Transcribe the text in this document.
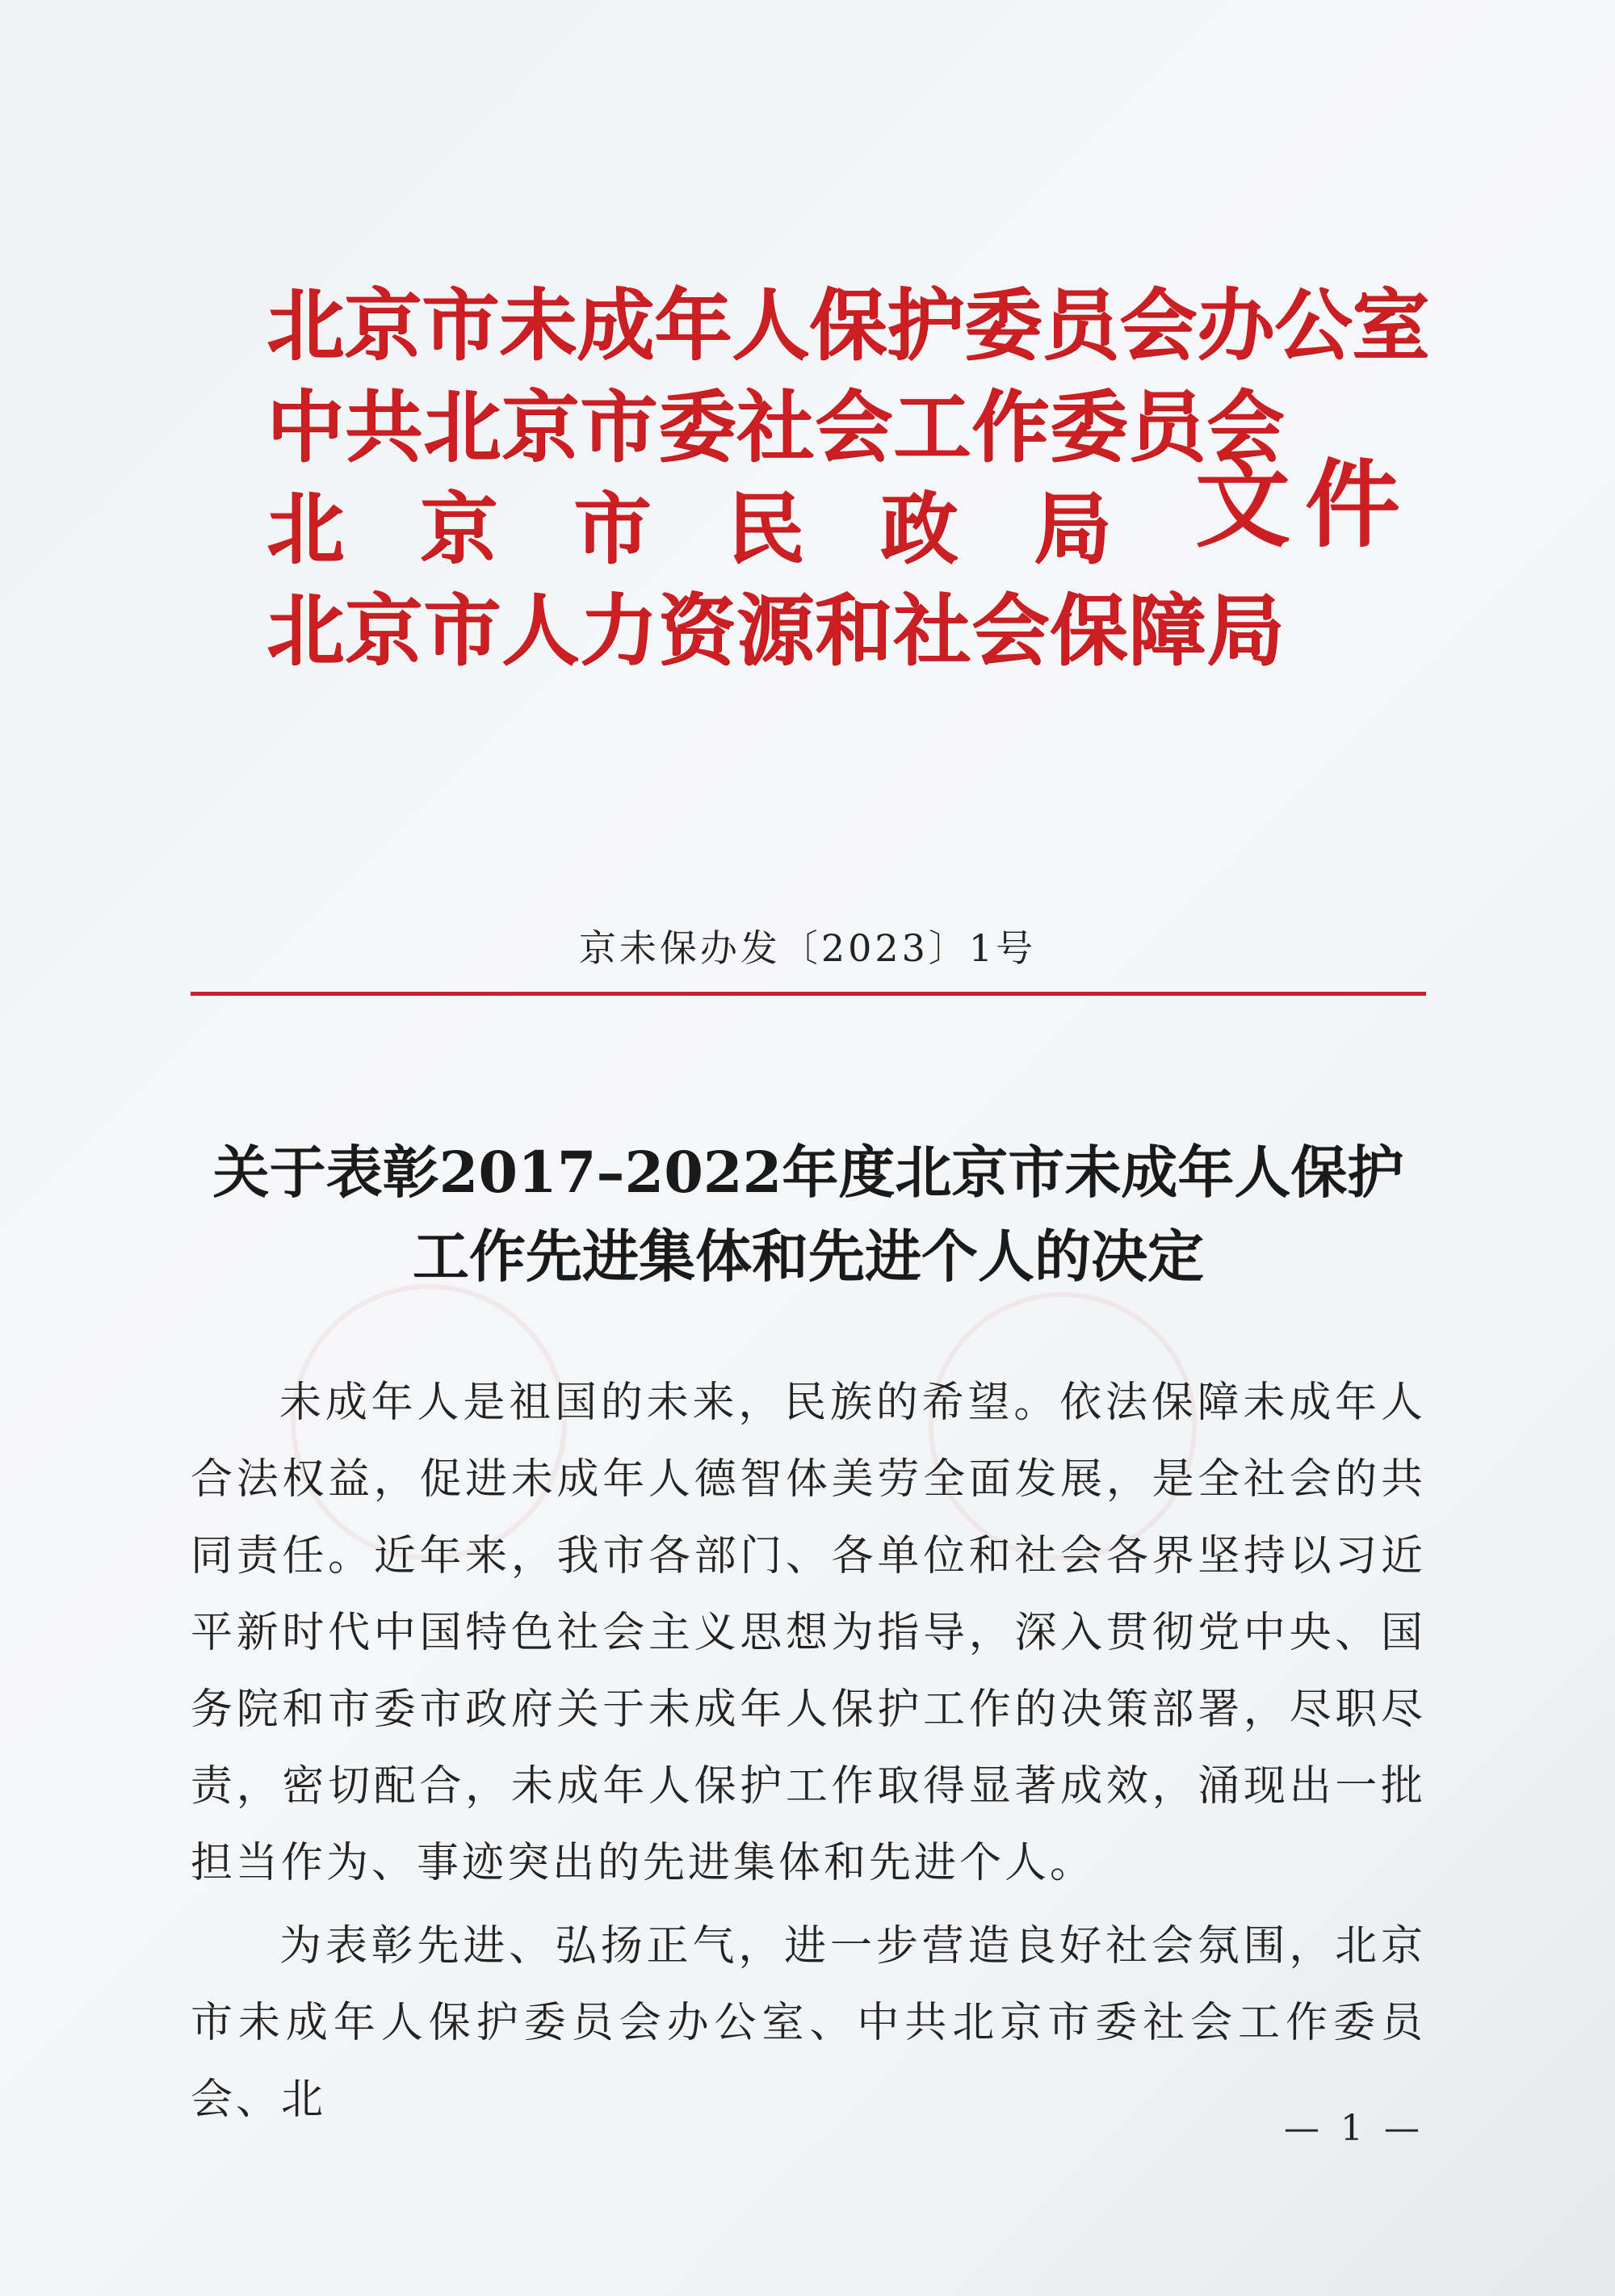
北京市未成年人保护委员会办公室
中共北京市委社会工作委员会
北京市民政局
北京市人力资源和社会保障局
文件
京未保办发〔2023〕1号
关于表彰2017–2022年度北京市未成年人保护
工作先进集体和先进个人的决定

未成年人是祖国的未来，民族的希望。依法保障未成年人合法权益，促进未成年人德智体美劳全面发展，是全社会的共同责任。近年来，我市各部门、各单位和社会各界坚持以习近平新时代中国特色社会主义思想为指导，深入贯彻党中央、国务院和市委市政府关于未成年人保护工作的决策部署，尽职尽责，密切配合，未成年人保护工作取得显著成效，涌现出一批担当作为、事迹突出的先进集体和先进个人。

为表彰先进、弘扬正气，进一步营造良好社会氛围，北京市未成年人保护委员会办公室、中共北京市委社会工作委员会、北

— 1 —
